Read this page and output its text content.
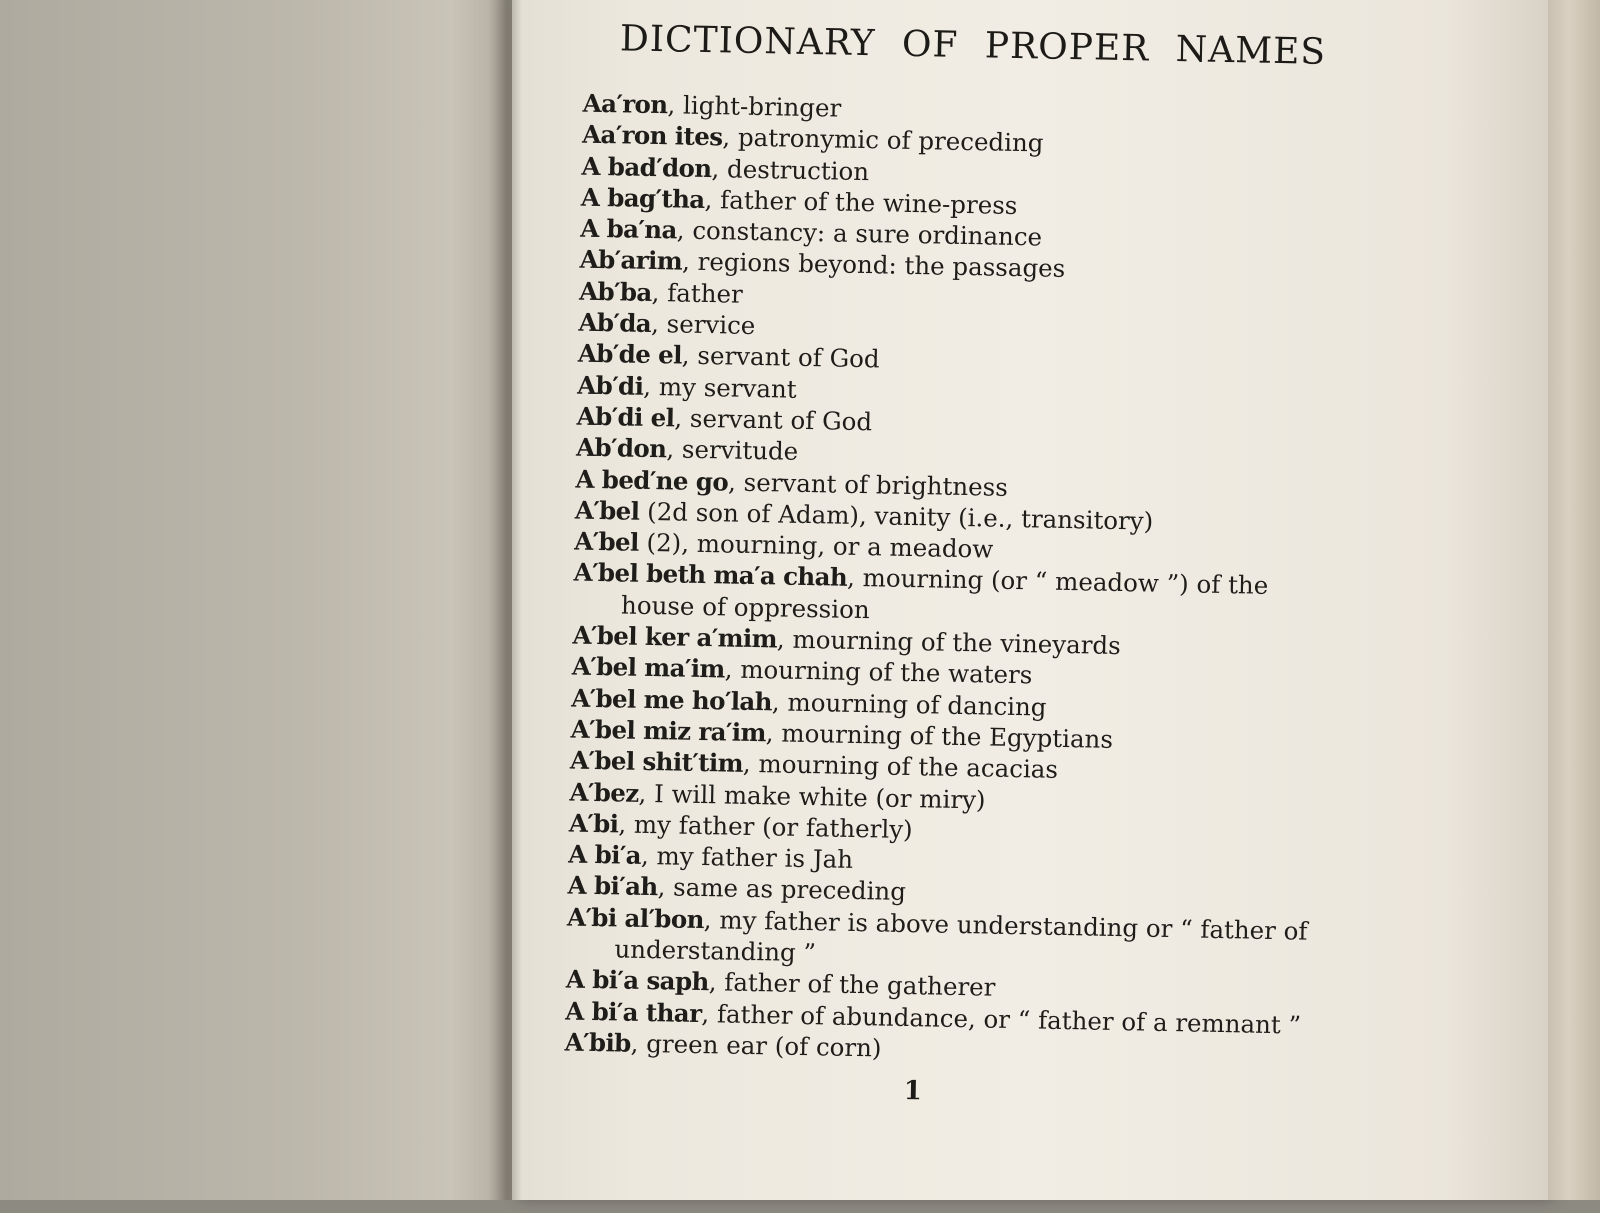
DICTIONARY OF PROPER NAMES
Aa′ron, light-bringer
Aa′ron ites, patronymic of preceding
A bad′don, destruction
A bag′tha, father of the wine-press
A ba′na, constancy: a sure ordinance
Ab′arim, regions beyond: the passages
Ab′ba, father
Ab′da, service
Ab′de el, servant of God
Ab′di, my servant
Ab′di el, servant of God
Ab′don, servitude
A bed′ne go, servant of brightness
A′bel (2d son of Adam), vanity (i.e., transitory)
A′bel (2), mourning, or a meadow
A′bel beth ma′a chah, mourning (or “ meadow ”) of the house of oppression
A′bel ker a′mim, mourning of the vineyards
A′bel ma′im, mourning of the waters
A′bel me ho′lah, mourning of dancing
A′bel miz ra′im, mourning of the Egyptians
A′bel shit′tim, mourning of the acacias
A′bez, I will make white (or miry)
A′bi, my father (or fatherly)
A bi′a, my father is Jah
A bi′ah, same as preceding
A′bi al′bon, my father is above understanding or “ father of understanding ”
A bi′a saph, father of the gatherer
A bi′a thar, father of abundance, or “ father of a remnant ”
A′bib, green ear (of corn)
1
